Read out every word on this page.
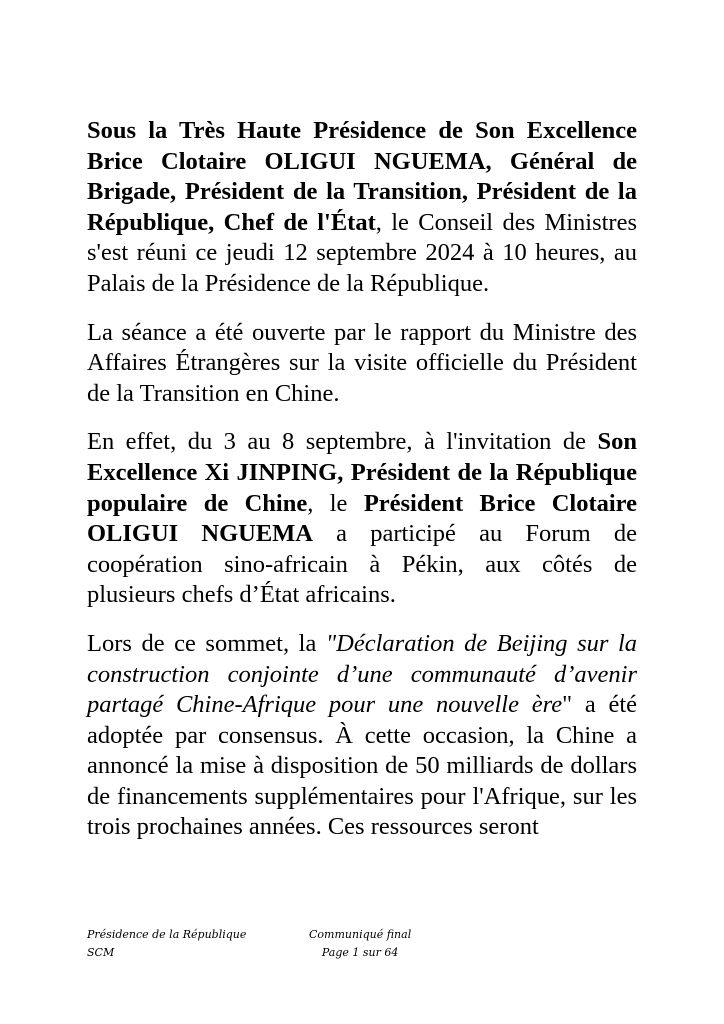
Sous la Très Haute Présidence de Son Excellence Brice Clotaire OLIGUI NGUEMA, Général de Brigade, Président de la Transition, Président de la République, Chef de l'État, le Conseil des Ministres s'est réuni ce jeudi 12 septembre 2024 à 10 heures, au Palais de la Présidence de la République.

La séance a été ouverte par le rapport du Ministre des Affaires Étrangères sur la visite officielle du Président de la Transition en Chine.

En effet, du 3 au 8 septembre, à l'invitation de Son Excellence Xi JINPING, Président de la République populaire de Chine, le Président Brice Clotaire OLIGUI NGUEMA a participé au Forum de coopération sino-africain à Pékin, aux côtés de plusieurs chefs d’État africains.

Lors de ce sommet, la "Déclaration de Beijing sur la construction conjointe d’une communauté d’avenir partagé Chine-Afrique pour une nouvelle ère" a été adoptée par consensus. À cette occasion, la Chine a annoncé la mise à disposition de 50 milliards de dollars de financements supplémentaires pour l'Afrique, sur les trois prochaines années. Ces ressources seront

Présidence de la République
SCM
Communiqué final
Page 1 sur 64
